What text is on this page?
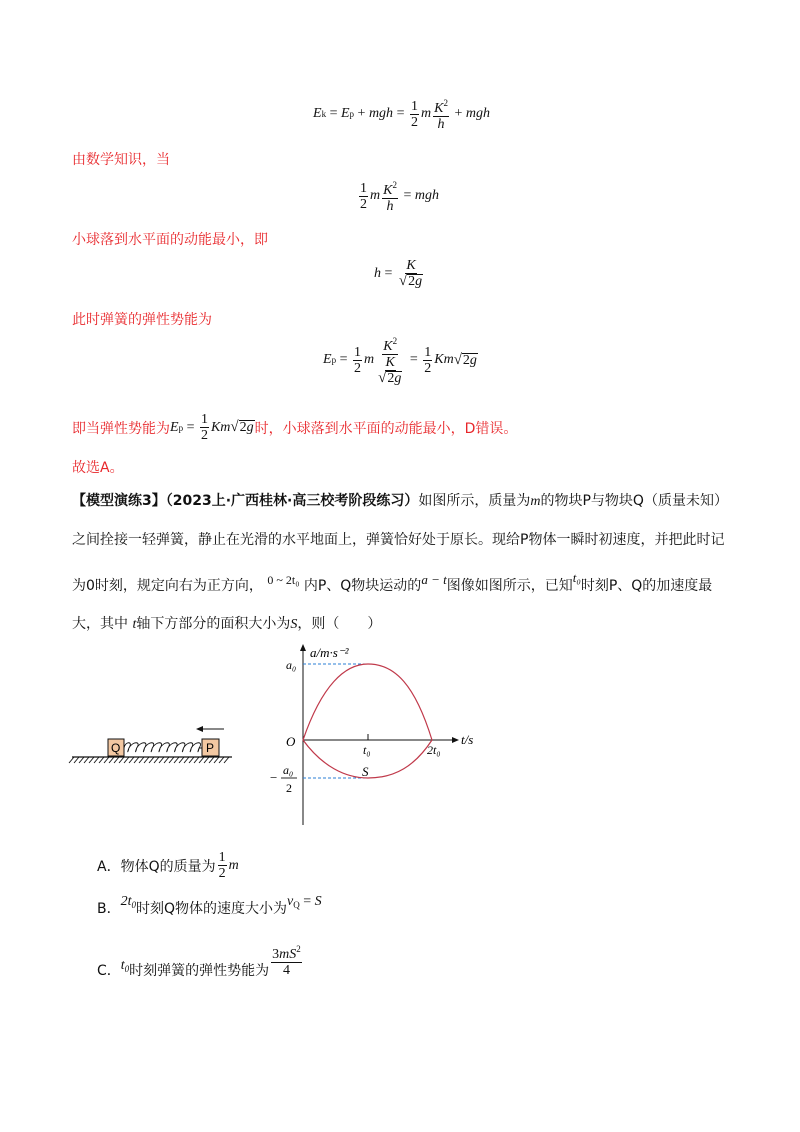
E k = E p + mgh = $\frac{1}{2}$ m $\frac{K^2}{h}$ + mgh
由数学知识，当
$\frac{1}{2}$ m $\frac{K^2}{h}$ = mgh
小球落到水平面的动能最小，即
$h = \frac{K}{√ 2g}$
此时弹簧的弹性势能为
E $p = \frac{1}{2}$ m $\frac{K^2}{\frac{K}{√ 2g}} = \frac{1}{2}$ Km √ 2g
即当弹性势能为 E $p = \frac{1}{2}$ Km √ 2g 时，小球落到水平面的动能最小，D错误。
故选A。
【模型演练3】（2023上·广西桂林·高三校考阶段练习）如图所示，质量为m的物块P与物块Q（质量未知）之间拴接一轻弹簧，静止在光滑的水平地面上，弹簧恰好处于原长。现给P物体一瞬时初速度，并把此时记为0时刻，规定向右为正方向， 0 ~ 2t₀ 内P、Q物块运动的a − t图像如图所示，已知t₀时刻P、Q的加速度最大，其中 t轴下方部分的面积大小为S，则（　　）
Q	P
a/m·s⁻²
t/s
O
a₀
t₀	2t₀
S
− a₀
2
A．物体Q的质量为 $\frac{1}{2}$ m
B． $2t_0$ 时刻Q物体的速度大小为 $v_Q = S$
C． $t_0$ 时刻弹簧的弹性势能为 $\frac{3mS^2}{4}$
